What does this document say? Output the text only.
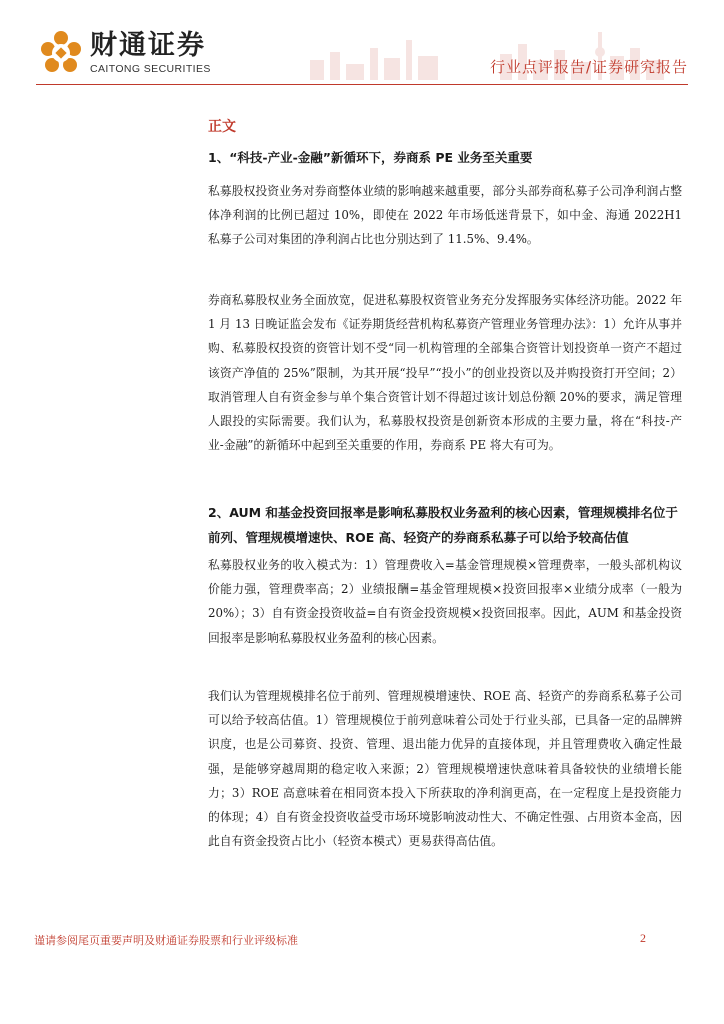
财通证券
CAITONG SECURITIES	行业点评报告/证券研究报告
正文
1、“科技-产业-金融”新循环下，券商系 PE 业务至关重要
私募股权投资业务对券商整体业绩的影响越来越重要，部分头部券商私募子公司净利润占整体净利润的比例已超过 10%，即使在 2022 年市场低迷背景下，如中金、海通 2022H1 私募子公司对集团的净利润占比也分别达到了 11.5%、9.4%。
券商私募股权业务全面放宽，促进私募股权资管业务充分发挥服务实体经济功能。2022 年 1 月 13 日晚证监会发布《证券期货经营机构私募资产管理业务管理办法》：1）允许从事并购、私募股权投资的资管计划不受“同一机构管理的全部集合资管计划投资单一资产不超过该资产净值的 25%”限制，为其开展“投早”“投小”的创业投资以及并购投资打开空间；2）取消管理人自有资金参与单个集合资管计划不得超过该计划总份额 20%的要求，满足管理人跟投的实际需要。我们认为，私募股权投资是创新资本形成的主要力量，将在“科技-产业-金融”的新循环中起到至关重要的作用，券商系 PE 将大有可为。
2、AUM 和基金投资回报率是影响私募股权业务盈利的核心因素，管理规模排名位于前列、管理规模增速快、ROE 高、轻资产的券商系私募子可以给予较高估值
私募股权业务的收入模式为：1）管理费收入=基金管理规模×管理费率，一般头部机构议价能力强，管理费率高；2）业绩报酬=基金管理规模×投资回报率×业绩分成率（一般为 20%）；3）自有资金投资收益=自有资金投资规模×投资回报率。因此，AUM 和基金投资回报率是影响私募股权业务盈利的核心因素。
我们认为管理规模排名位于前列、管理规模增速快、ROE 高、轻资产的券商系私募子公司可以给予较高估值。1）管理规模位于前列意味着公司处于行业头部，已具备一定的品牌辨识度，也是公司募资、投资、管理、退出能力优异的直接体现，并且管理费收入确定性最强，是能够穿越周期的稳定收入来源；2）管理规模增速快意味着具备较快的业绩增长能力；3）ROE 高意味着在相同资本投入下所获取的净利润更高，在一定程度上是投资能力的体现；4）自有资金投资收益受市场环境影响波动性大、不确定性强、占用资本金高，因此自有资金投资占比小（轻资本模式）更易获得高估值。
谨请参阅尾页重要声明及财通证券股票和行业评级标准	2
